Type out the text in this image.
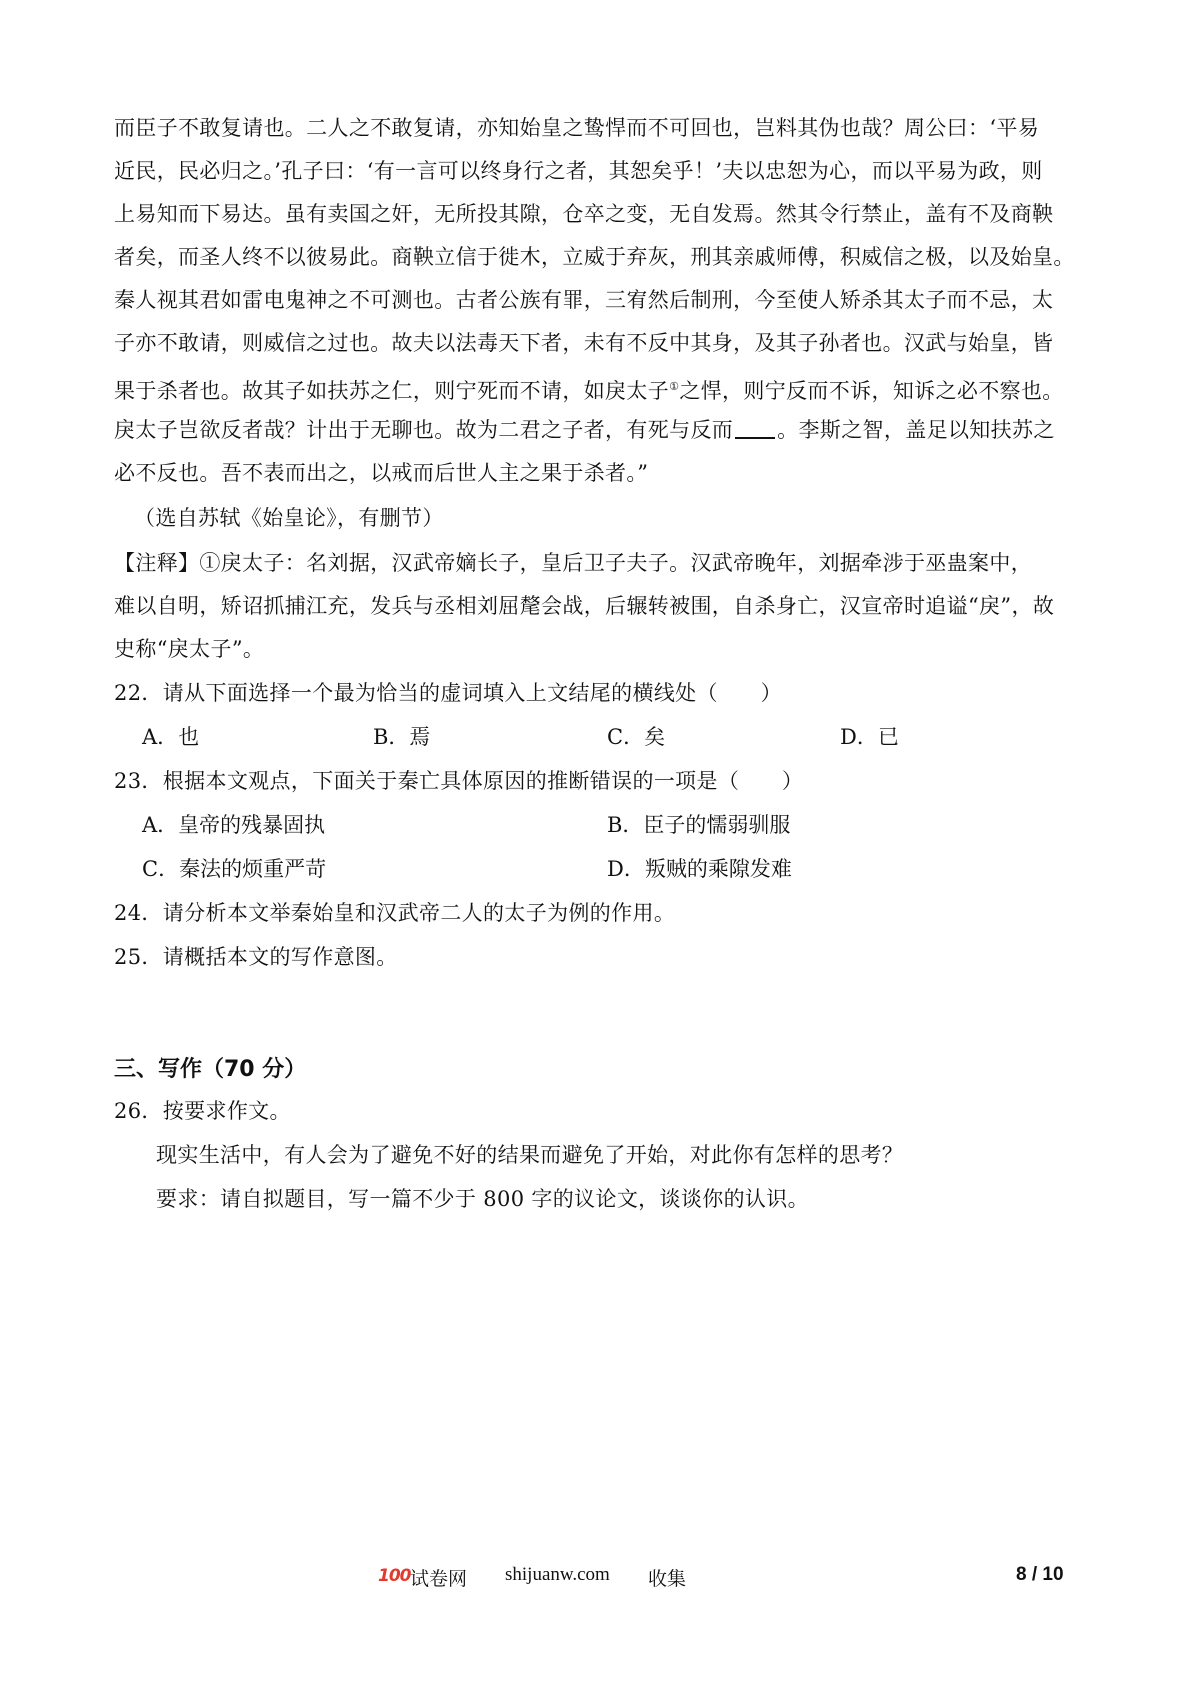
而臣子不敢复请也。二人之不敢复请，亦知始皇之鸷悍而不可回也，岂料其伪也哉？周公曰：‘平易
近民，民必归之。’孔子曰：‘有一言可以终身行之者，其恕矣乎！’夫以忠恕为心，而以平易为政，则
上易知而下易达。虽有卖国之奸，无所投其隙，仓卒之变，无自发焉。然其令行禁止，盖有不及商鞅
者矣，而圣人终不以彼易此。商鞅立信于徙木，立威于弃灰，刑其亲戚师傅，积威信之极，以及始皇。
秦人视其君如雷电鬼神之不可测也。古者公族有罪，三宥然后制刑，今至使人矫杀其太子而不忌，太
子亦不敢请，则威信之过也。故夫以法毒天下者，未有不反中其身，及其子孙者也。汉武与始皇，皆
果于杀者也。故其子如扶苏之仁，则宁死而不请，如戾太子①之悍，则宁反而不诉，知诉之必不察也。
戾太子岂欲反者哉？计出于无聊也。故为二君之子者，有死与反而 。李斯之智，盖足以知扶苏之
必不反也。吾不表而出之，以戒而后世人主之果于杀者。”
（选自苏轼《始皇论》，有删节）
【注释】①戾太子：名刘据，汉武帝嫡长子，皇后卫子夫子。汉武帝晚年，刘据牵涉于巫蛊案中，
难以自明，矫诏抓捕江充，发兵与丞相刘屈氂会战，后辗转被围，自杀身亡，汉宣帝时追谥“戾”，故
史称“戾太子”。
22．请从下面选择一个最为恰当的虚词填入上文结尾的横线处（　　）
A．也	B．焉	C．矣	D．已
23．根据本文观点，下面关于秦亡具体原因的推断错误的一项是（　　）
A．皇帝的残暴固执	B．臣子的懦弱驯服
C．秦法的烦重严苛	D．叛贼的乘隙发难
24．请分析本文举秦始皇和汉武帝二人的太子为例的作用。
25．请概括本文的写作意图。
三、写作（70 分）
26．按要求作文。
现实生活中，有人会为了避免不好的结果而避免了开始，对此你有怎样的思考？
要求：请自拟题目，写一篇不少于 800 字的议论文，谈谈你的认识。
100 试卷网 shijuanw.com 收集	8 / 10
